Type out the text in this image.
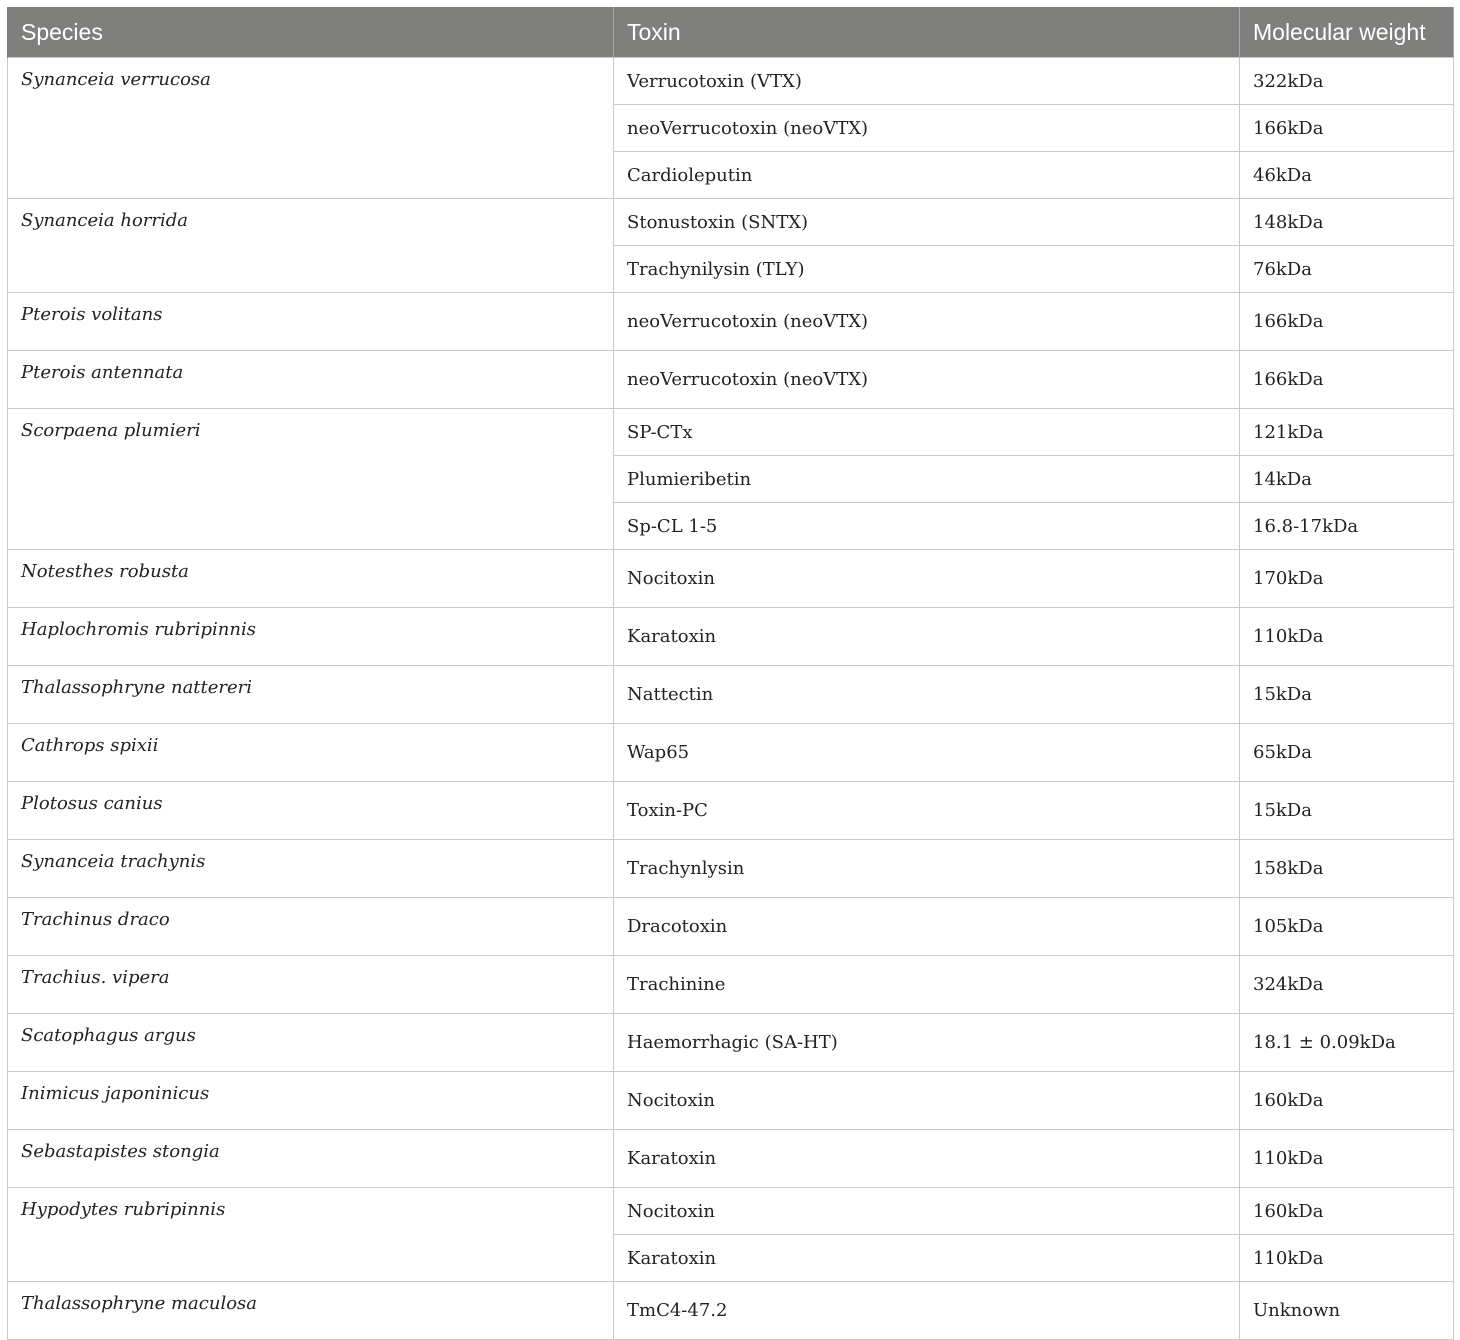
Species	Toxin	Molecular weight
Synanceia verrucosa	Verrucotoxin (VTX)	322kDa
	neoVerrucotoxin (neoVTX)	166kDa
	Cardioleputin	46kDa
Synanceia horrida	Stonustoxin (SNTX)	148kDa
	Trachynilysin (TLY)	76kDa
Pterois volitans	neoVerrucotoxin (neoVTX)	166kDa
Pterois antennata	neoVerrucotoxin (neoVTX)	166kDa
Scorpaena plumieri	SP-CTx	121kDa
	Plumieribetin	14kDa
	Sp-CL 1-5	16.8-17kDa
Notesthes robusta	Nocitoxin	170kDa
Haplochromis rubripinnis	Karatoxin	110kDa
Thalassophryne nattereri	Nattectin	15kDa
Cathrops spixii	Wap65	65kDa
Plotosus canius	Toxin-PC	15kDa
Synanceia trachynis	Trachynlysin	158kDa
Trachinus draco	Dracotoxin	105kDa
Trachius. vipera	Trachinine	324kDa
Scatophagus argus	Haemorrhagic (SA-HT)	18.1 ± 0.09kDa
Inimicus japoninicus	Nocitoxin	160kDa
Sebastapistes stongia	Karatoxin	110kDa
Hypodytes rubripinnis	Nocitoxin	160kDa
	Karatoxin	110kDa
Thalassophryne maculosa	TmC4-47.2	Unknown
